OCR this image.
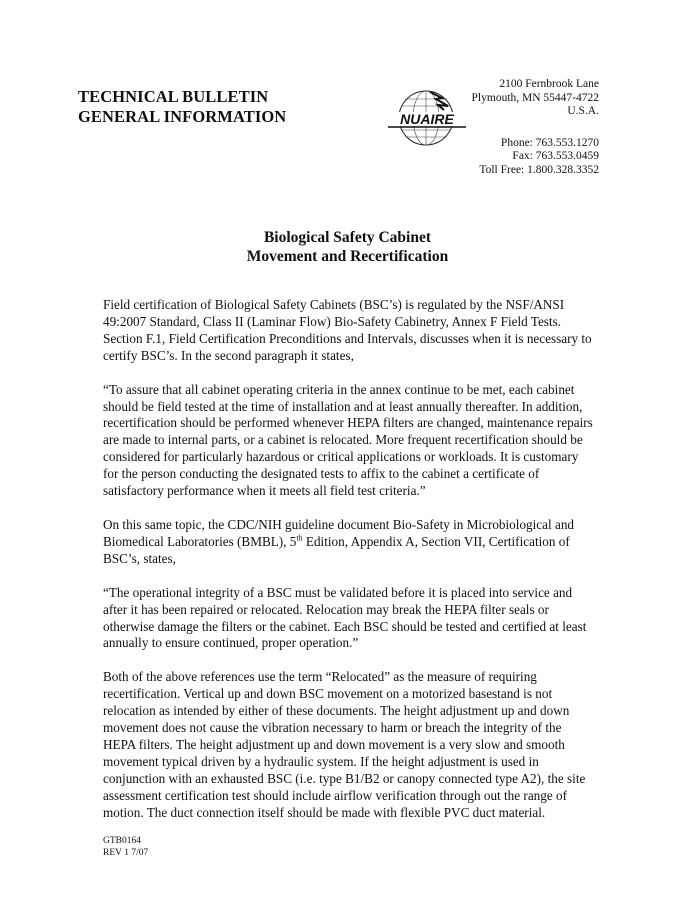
TECHNICAL BULLETIN
GENERAL INFORMATION	NUAIRE
2100 Fernbrook Lane
Plymouth, MN 55447-4722
U.S.A.
Phone: 763.553.1270
Fax: 763.553.0459
Toll Free: 1.800.328.3352
Biological Safety Cabinet
Movement and Recertification

Field certification of Biological Safety Cabinets (BSC’s) is regulated by the NSF/ANSI 49:2007 Standard, Class II (Laminar Flow) Bio-Safety Cabinetry, Annex F Field Tests. Section F.1, Field Certification Preconditions and Intervals, discusses when it is necessary to certify BSC’s. In the second paragraph it states,

“To assure that all cabinet operating criteria in the annex continue to be met, each cabinet should be field tested at the time of installation and at least annually thereafter. In addition, recertification should be performed whenever HEPA filters are changed, maintenance repairs are made to internal parts, or a cabinet is relocated. More frequent recertification should be considered for particularly hazardous or critical applications or workloads. It is customary for the person conducting the designated tests to affix to the cabinet a certificate of satisfactory performance when it meets all field test criteria.”

On this same topic, the CDC/NIH guideline document Bio-Safety in Microbiological and Biomedical Laboratories (BMBL), 5th Edition, Appendix A, Section VII, Certification of BSC’s, states,

“The operational integrity of a BSC must be validated before it is placed into service and after it has been repaired or relocated. Relocation may break the HEPA filter seals or otherwise damage the filters or the cabinet. Each BSC should be tested and certified at least annually to ensure continued, proper operation.”

Both of the above references use the term “Relocated” as the measure of requiring recertification. Vertical up and down BSC movement on a motorized basestand is not relocation as intended by either of these documents. The height adjustment up and down movement does not cause the vibration necessary to harm or breach the integrity of the HEPA filters. The height adjustment up and down movement is a very slow and smooth movement typical driven by a hydraulic system. If the height adjustment is used in conjunction with an exhausted BSC (i.e. type B1/B2 or canopy connected type A2), the site assessment certification test should include airflow verification through out the range of motion. The duct connection itself should be made with flexible PVC duct material.

GTB0164
REV 1 7/07
